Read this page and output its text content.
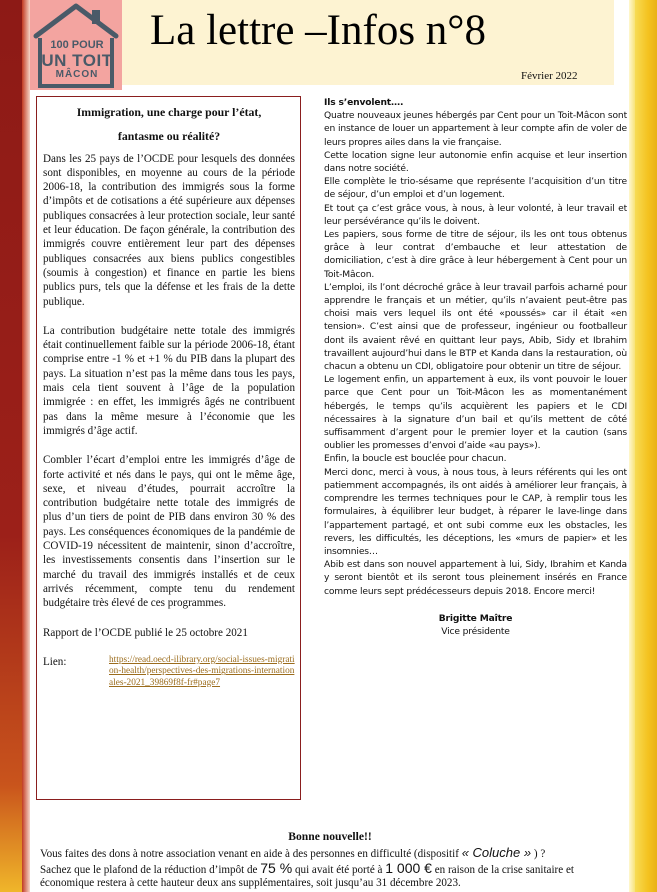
100 POUR
UN TOIT
MÂCON
La lettre –Infos n°8
Février 2022

Immigration, une charge pour l’état,

fantasme ou réalité?

Dans les 25 pays de l’OCDE pour lesquels des données sont disponibles, en moyenne au cours de la période 2006-18, la contribution des immigrés sous la forme d’impôts et de cotisations a été supérieure aux dépenses publiques consacrées à leur protection sociale, leur santé et leur éducation. De façon générale, la contribution des immigrés couvre entièrement leur part des dépenses publiques consacrées aux biens publics congestibles (soumis à congestion) et finance en partie les biens publics purs, tels que la défense et les frais de la dette publique.

La contribution budgétaire nette totale des immigrés était continuellement faible sur la période 2006-18, étant comprise entre -1 % et +1 % du PIB dans la plupart des pays. La situation n’est pas la même dans tous les pays, mais cela tient souvent à l’âge de la population immigrée : en effet, les immigrés âgés ne contribuent pas dans la même mesure à l’économie que les immigrés d’âge actif.

Combler l’écart d’emploi entre les immigrés d’âge de forte activité et nés dans le pays, qui ont le même âge, sexe, et niveau d’études, pourrait accroître la contribution budgétaire nette totale des immigrés de plus d’un tiers de point de PIB dans environ 30 % des pays. Les conséquences économiques de la pandémie de COVID-19 nécessitent de maintenir, sinon d’accroître, les investissements consentis dans l’insertion sur le marché du travail des immigrés installés et de ceux arrivés récemment, compte tenu du rendement budgétaire très élevé de ces programmes.

Rapport de l’OCDE publié le 25 octobre 2021

Lien:	https://read.oecd-ilibrary.org/social-issues-migration-health/perspectives-des-migrations-internationales-2021_39869f8f-fr#page7

Ils s’envolent….

Quatre nouveaux jeunes hébergés par Cent pour un Toit-Mâcon sont en instance de louer un appartement à leur compte afin de voler de leurs propres ailes dans la vie française.

Cette location signe leur autonomie enfin acquise et leur insertion dans notre société.

Elle complète le trio-sésame que représente l’acquisition d’un titre de séjour, d’un emploi et d’un logement.

Et tout ça c’est grâce vous, à nous, à leur volonté, à leur travail et leur persévérance qu’ils le doivent.

Les papiers, sous forme de titre de séjour, ils les ont tous obtenus grâce à leur contrat d’embauche et leur attestation de domiciliation, c’est à dire grâce à leur hébergement à Cent pour un Toit-Mâcon.

L’emploi, ils l’ont décroché grâce à leur travail parfois acharné pour apprendre le français et un métier, qu’ils n’avaient peut-être pas choisi mais vers lequel ils ont été «poussés» car il était «en tension». C’est ainsi que de professeur, ingénieur ou footballeur dont ils avaient rêvé en quittant leur pays, Abib, Sidy et Ibrahim travaillent aujourd’hui dans le BTP et Kanda dans la restauration, où chacun a obtenu un CDI, obligatoire pour obtenir un titre de séjour.

Le logement enfin, un appartement à eux, ils vont pouvoir le louer parce que Cent pour un Toit-Mâcon les as momentanément hébergés, le temps qu’ils acquièrent les papiers et le CDI nécessaires à la signature d’un bail et qu’ils mettent de côté suffisamment d’argent pour le premier loyer et la caution (sans oublier les promesses d’envoi d’aide «au pays»).

Enfin, la boucle est bouclée pour chacun.

Merci donc, merci à vous, à nous tous, à leurs référents qui les ont patiemment accompagnés, ils ont aidés à améliorer leur français, à comprendre les termes techniques pour le CAP, à remplir tous les formulaires, à équilibrer leur budget, à réparer le lave-linge dans l’appartement partagé, et ont subi comme eux les obstacles, les revers, les difficultés, les déceptions, les «murs de papier» et les insomnies…

Abib est dans son nouvel appartement à lui, Sidy, Ibrahim et Kanda y seront bientôt et ils seront tous pleinement insérés en France comme leurs sept prédécesseurs depuis 2018. Encore merci!

Brigitte Maître

Vice présidente

Bonne nouvelle!!

Vous faites des dons à notre association venant en aide à des personnes en difficulté (dispositif « Coluche » ) ?

Sachez que le plafond de la réduction d’impôt de 75 % qui avait été porté à 1 000 € en raison de la crise sanitaire et économique restera à cette hauteur deux ans supplémentaires, soit jusqu’au 31 décembre 2023.
